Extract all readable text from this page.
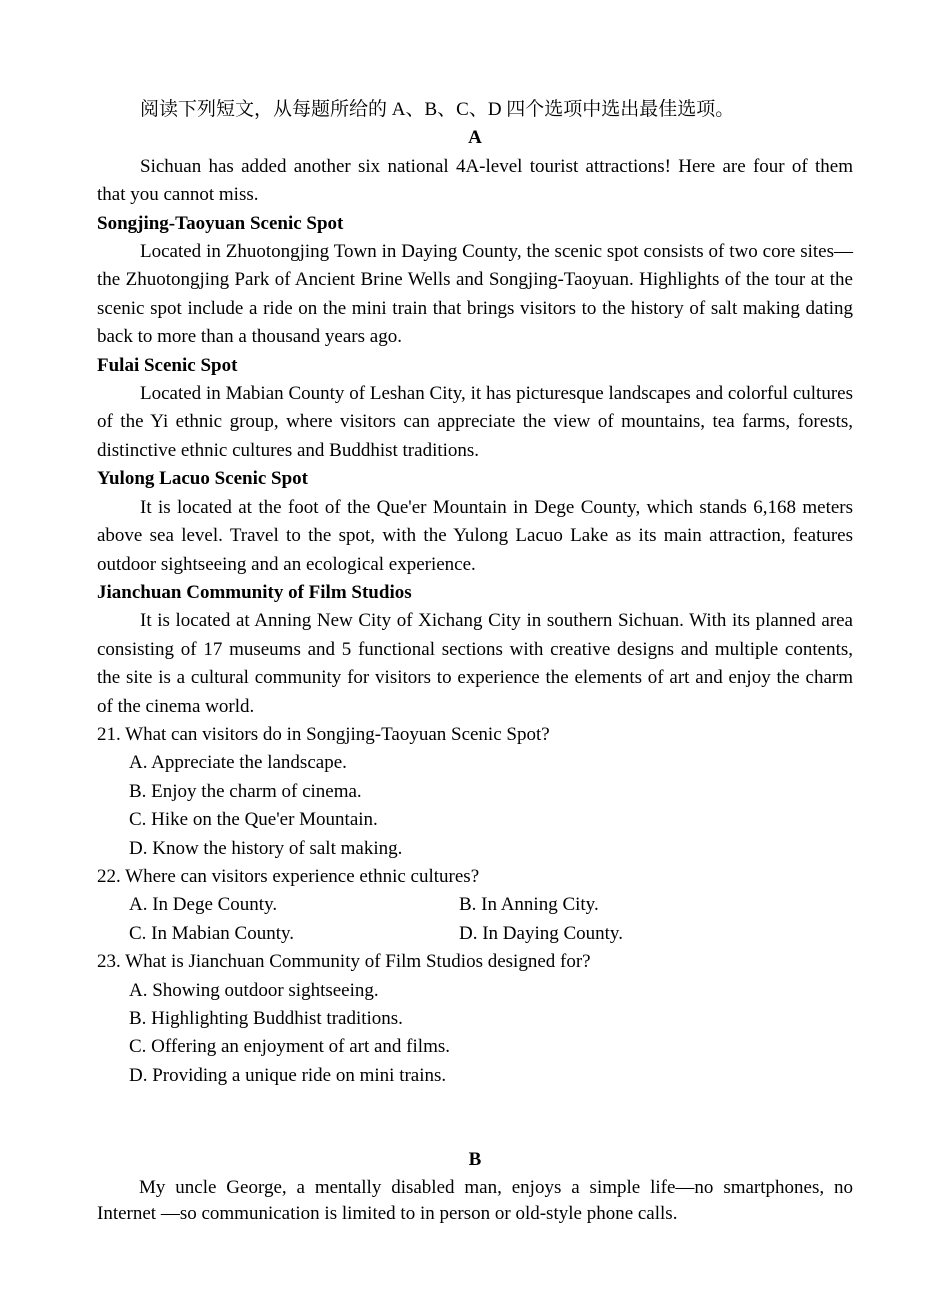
阅读下列短文，从每题所给的 A、B、C、D 四个选项中选出最佳选项。
A
Sichuan has added another six national 4A-level tourist attractions! Here are four of them that you cannot miss.
Songjing-Taoyuan Scenic Spot
Located in Zhuotongjing Town in Daying County, the scenic spot consists of two core sites— the Zhuotongjing Park of Ancient Brine Wells and Songjing-Taoyuan. Highlights of the tour at the scenic spot include a ride on the mini train that brings visitors to the history of salt making dating back to more than a thousand years ago.
Fulai Scenic Spot
Located in Mabian County of Leshan City, it has picturesque landscapes and colorful cultures of the Yi ethnic group, where visitors can appreciate the view of mountains, tea farms, forests, distinctive ethnic cultures and Buddhist traditions.
Yulong Lacuo Scenic Spot
It is located at the foot of the Que'er Mountain in Dege County, which stands 6,168 meters above sea level. Travel to the spot, with the Yulong Lacuo Lake as its main attraction, features outdoor sightseeing and an ecological experience.
Jianchuan Community of Film Studios
It is located at Anning New City of Xichang City in southern Sichuan. With its planned area consisting of 17 museums and 5 functional sections with creative designs and multiple contents, the site is a cultural community for visitors to experience the elements of art and enjoy the charm of the cinema world.
21. What can visitors do in Songjing-Taoyuan Scenic Spot?
A. Appreciate the landscape.
B. Enjoy the charm of cinema.
C. Hike on the Que'er Mountain.
D. Know the history of salt making.
22. Where can visitors experience ethnic cultures?
A. In Dege County.	B. In Anning City.
C. In Mabian County.	D. In Daying County.
23. What is Jianchuan Community of Film Studios designed for?
A. Showing outdoor sightseeing.
B. Highlighting Buddhist traditions.
C. Offering an enjoyment of art and films.
D. Providing a unique ride on mini trains.
B
My uncle George, a mentally disabled man, enjoys a simple life—no smartphones, no Internet —so communication is limited to in person or old-style phone calls.
